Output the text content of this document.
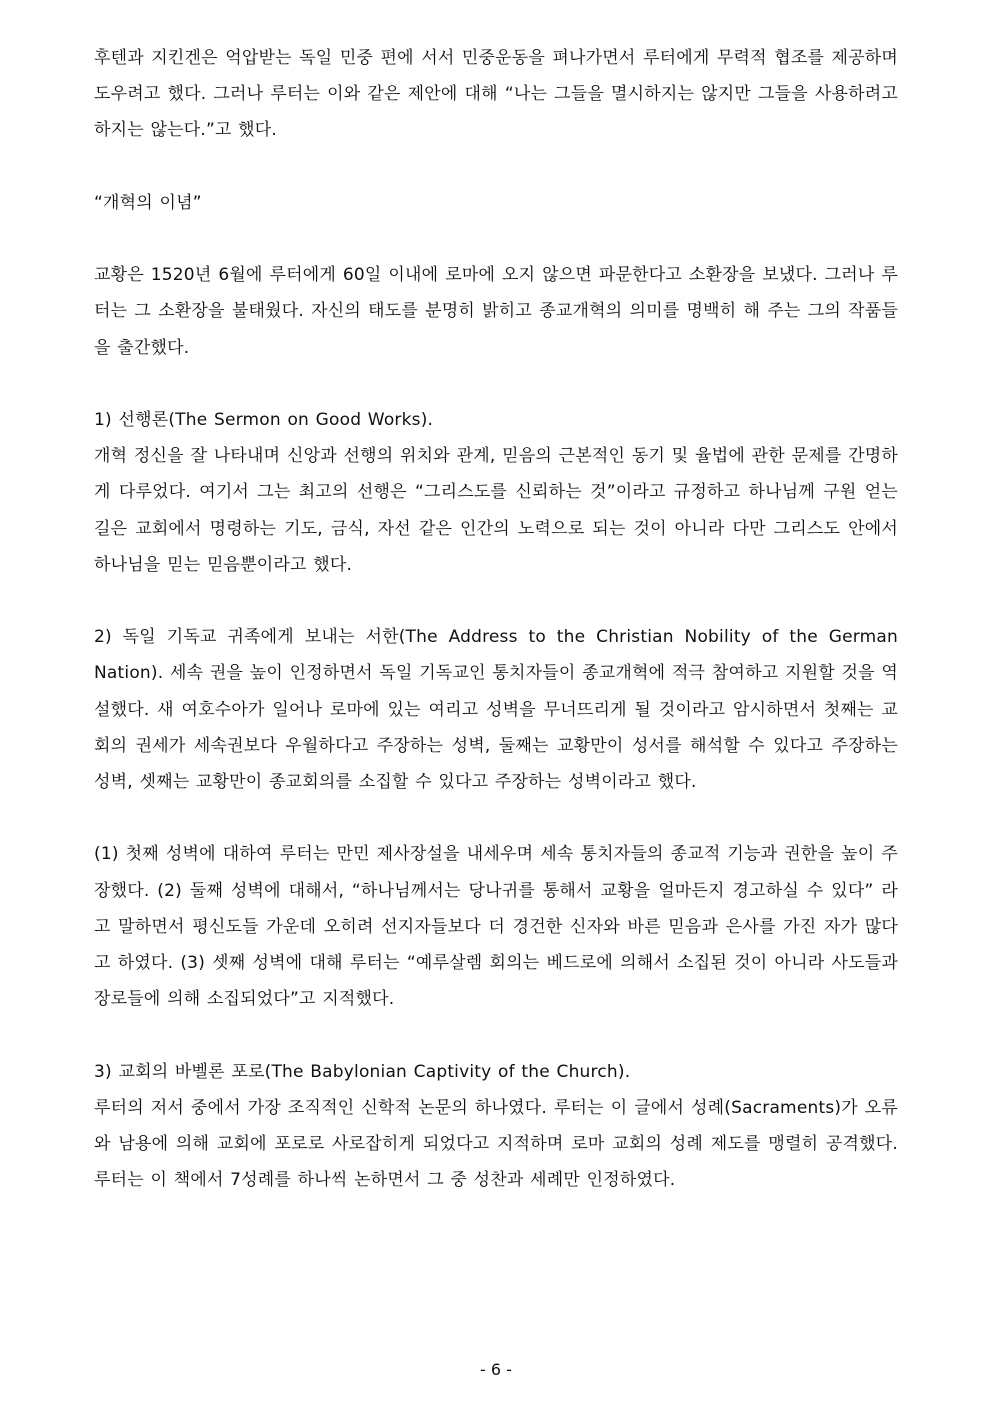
후텐과 지킨겐은 억압받는 독일 민중 편에 서서 민중운동을 펴나가면서 루터에게 무력적 협조를 제공하며 도우려고 했다. 그러나 루터는 이와 같은 제안에 대해 “나는 그들을 멸시하지는 않지만 그들을 사용하려고 하지는 않는다.”고 했다.

“개혁의 이념”

교황은 1520년 6월에 루터에게 60일 이내에 로마에 오지 않으면 파문한다고 소환장을 보냈다. 그러나 루터는 그 소환장을 불태웠다. 자신의 태도를 분명히 밝히고 종교개혁의 의미를 명백히 해 주는 그의 작품들을 출간했다.

1) 선행론(The Sermon on Good Works).

개혁 정신을 잘 나타내며 신앙과 선행의 위치와 관계, 믿음의 근본적인 동기 및 율법에 관한 문제를 간명하게 다루었다. 여기서 그는 최고의 선행은 “그리스도를 신뢰하는 것”이라고 규정하고 하나님께 구원 얻는 길은 교회에서 명령하는 기도, 금식, 자선 같은 인간의 노력으로 되는 것이 아니라 다만 그리스도 안에서 하나님을 믿는 믿음뿐이라고 했다.

2) 독일 기독교 귀족에게 보내는 서한(The Address to the Christian Nobility of the German Nation). 세속 권을 높이 인정하면서 독일 기독교인 통치자들이 종교개혁에 적극 참여하고 지원할 것을 역설했다. 새 여호수아가 일어나 로마에 있는 여리고 성벽을 무너뜨리게 될 것이라고 암시하면서 첫째는 교회의 권세가 세속권보다 우월하다고 주장하는 성벽, 둘째는 교황만이 성서를 해석할 수 있다고 주장하는 성벽, 셋째는 교황만이 종교회의를 소집할 수 있다고 주장하는 성벽이라고 했다.

(1) 첫째 성벽에 대하여 루터는 만민 제사장설을 내세우며 세속 통치자들의 종교적 기능과 권한을 높이 주장했다. (2) 둘째 성벽에 대해서, “하나님께서는 당나귀를 통해서 교황을 얼마든지 경고하실 수 있다” 라고 말하면서 평신도들 가운데 오히려 선지자들보다 더 경건한 신자와 바른 믿음과 은사를 가진 자가 많다고 하였다. (3) 셋째 성벽에 대해 루터는 “예루살렘 회의는 베드로에 의해서 소집된 것이 아니라 사도들과 장로들에 의해 소집되었다”고 지적했다.

3) 교회의 바벨론 포로(The Babylonian Captivity of the Church).

루터의 저서 중에서 가장 조직적인 신학적 논문의 하나였다. 루터는 이 글에서 성례(Sacraments)가 오류와 남용에 의해 교회에 포로로 사로잡히게 되었다고 지적하며 로마 교회의 성례 제도를 맹렬히 공격했다. 루터는 이 책에서 7성례를 하나씩 논하면서 그 중 성찬과 세례만 인정하였다.

- 6 -
